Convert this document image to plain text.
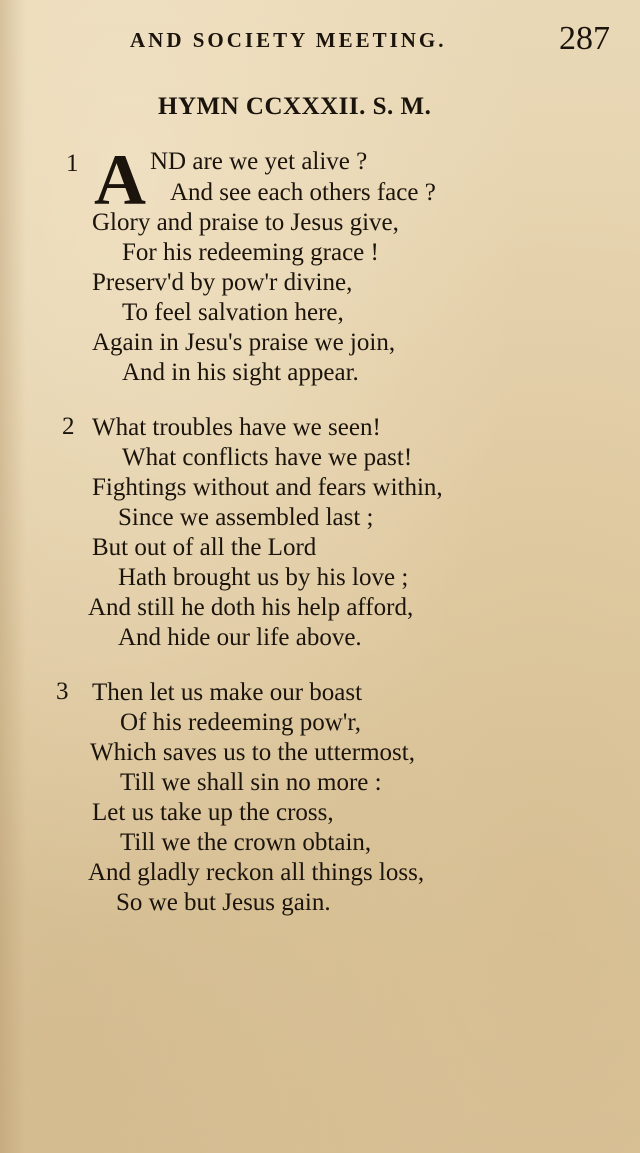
AND SOCIETY MEETING.	287
HYMN CCXXXII. S. M.
1 A ND are we yet alive ?
And see each others face ?
Glory and praise to Jesus give,
For his redeeming grace !
Preserv'd by pow'r divine,
To feel salvation here,
Again in Jesu's praise we join,
And in his sight appear.
2 What troubles have we seen!
What conflicts have we past!
Fightings without and fears within,
Since we assembled last ;
But out of all the Lord
Hath brought us by his love ;
And still he doth his help afford,
And hide our life above.
3 Then let us make our boast
Of his redeeming pow'r,
Which saves us to the uttermost,
Till we shall sin no more :
Let us take up the cross,
Till we the crown obtain,
And gladly reckon all things loss,
So we but Jesus gain.
